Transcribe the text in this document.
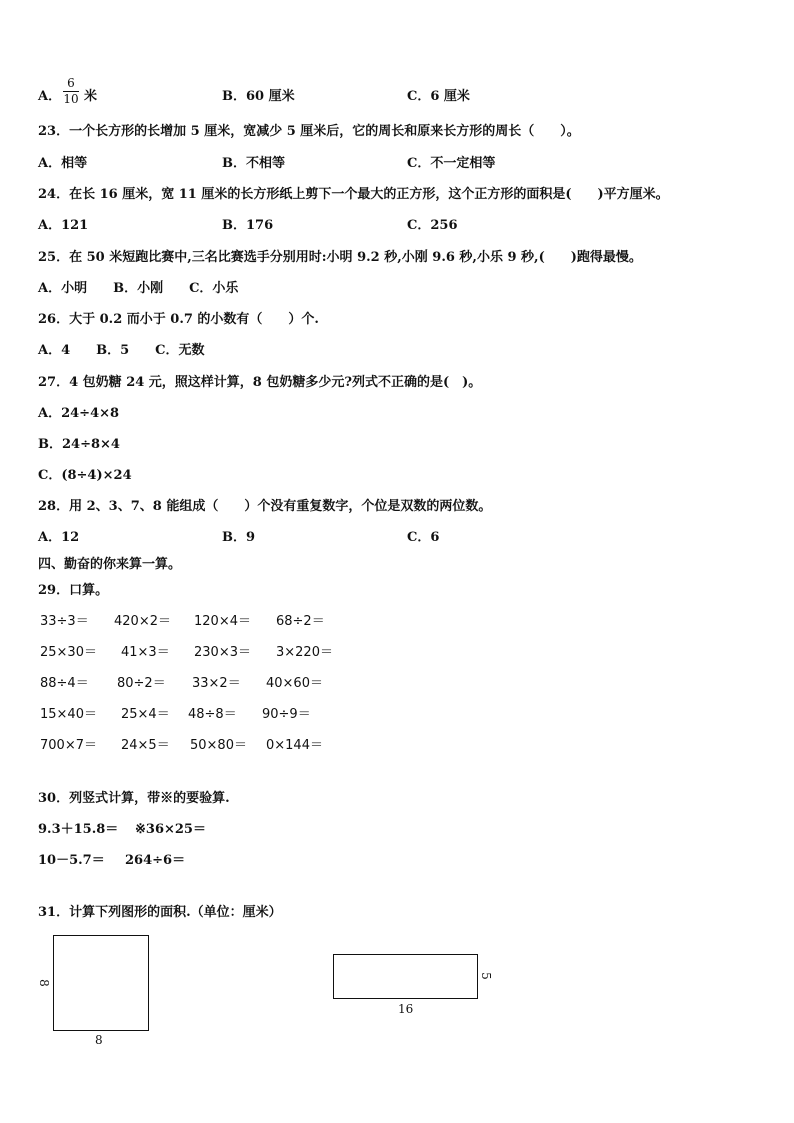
A．
6
10 米	B．60 厘米	C．6 厘米
23．一个长方形的长增加 5 厘米，宽减少 5 厘米后，它的周长和原来长方形的周长（　　）。
A．相等	B．不相等	C．不一定相等
24．在长 16 厘米，宽 11 厘米的长方形纸上剪下一个最大的正方形，这个正方形的面积是(　　)平方厘米。
A．121	B．176	C．256
25．在 50 米短跑比赛中,三名比赛选手分别用时:小明 9.2 秒,小刚 9.6 秒,小乐 9 秒,(　　)跑得最慢。
A．小明　　B．小刚　　C．小乐
26．大于 0.2 而小于 0.7 的小数有（　　）个.
A．4　　B．5　　C．无数
27．4 包奶糖 24 元，照这样计算，8 包奶糖多少元?列式不正确的是(　)。
A．24÷4×8
B．24÷8×4
C．(8÷4)×24
28．用 2、3、7、8 能组成（　　）个没有重复数字，个位是双数的两位数。
A．12	B．9	C．6
四、勤奋的你来算一算。
29．口算。
33÷3＝ 420×2＝ 120×4＝ 68÷2＝
25×30＝ 41×3＝ 230×3＝ 3×220＝
88÷4＝ 80÷2＝ 33×2＝ 40×60＝
15×40＝ 25×4＝ 48÷8＝ 90÷9＝
700×7＝ 24×5＝ 50×80＝ 0×144＝
30．列竖式计算，带※的要验算.
9.3＋15.8＝ ※36×25＝
10－5.7＝ 264÷6＝
31．计算下列图形的面积.（单位：厘米）
8
8
5
16
